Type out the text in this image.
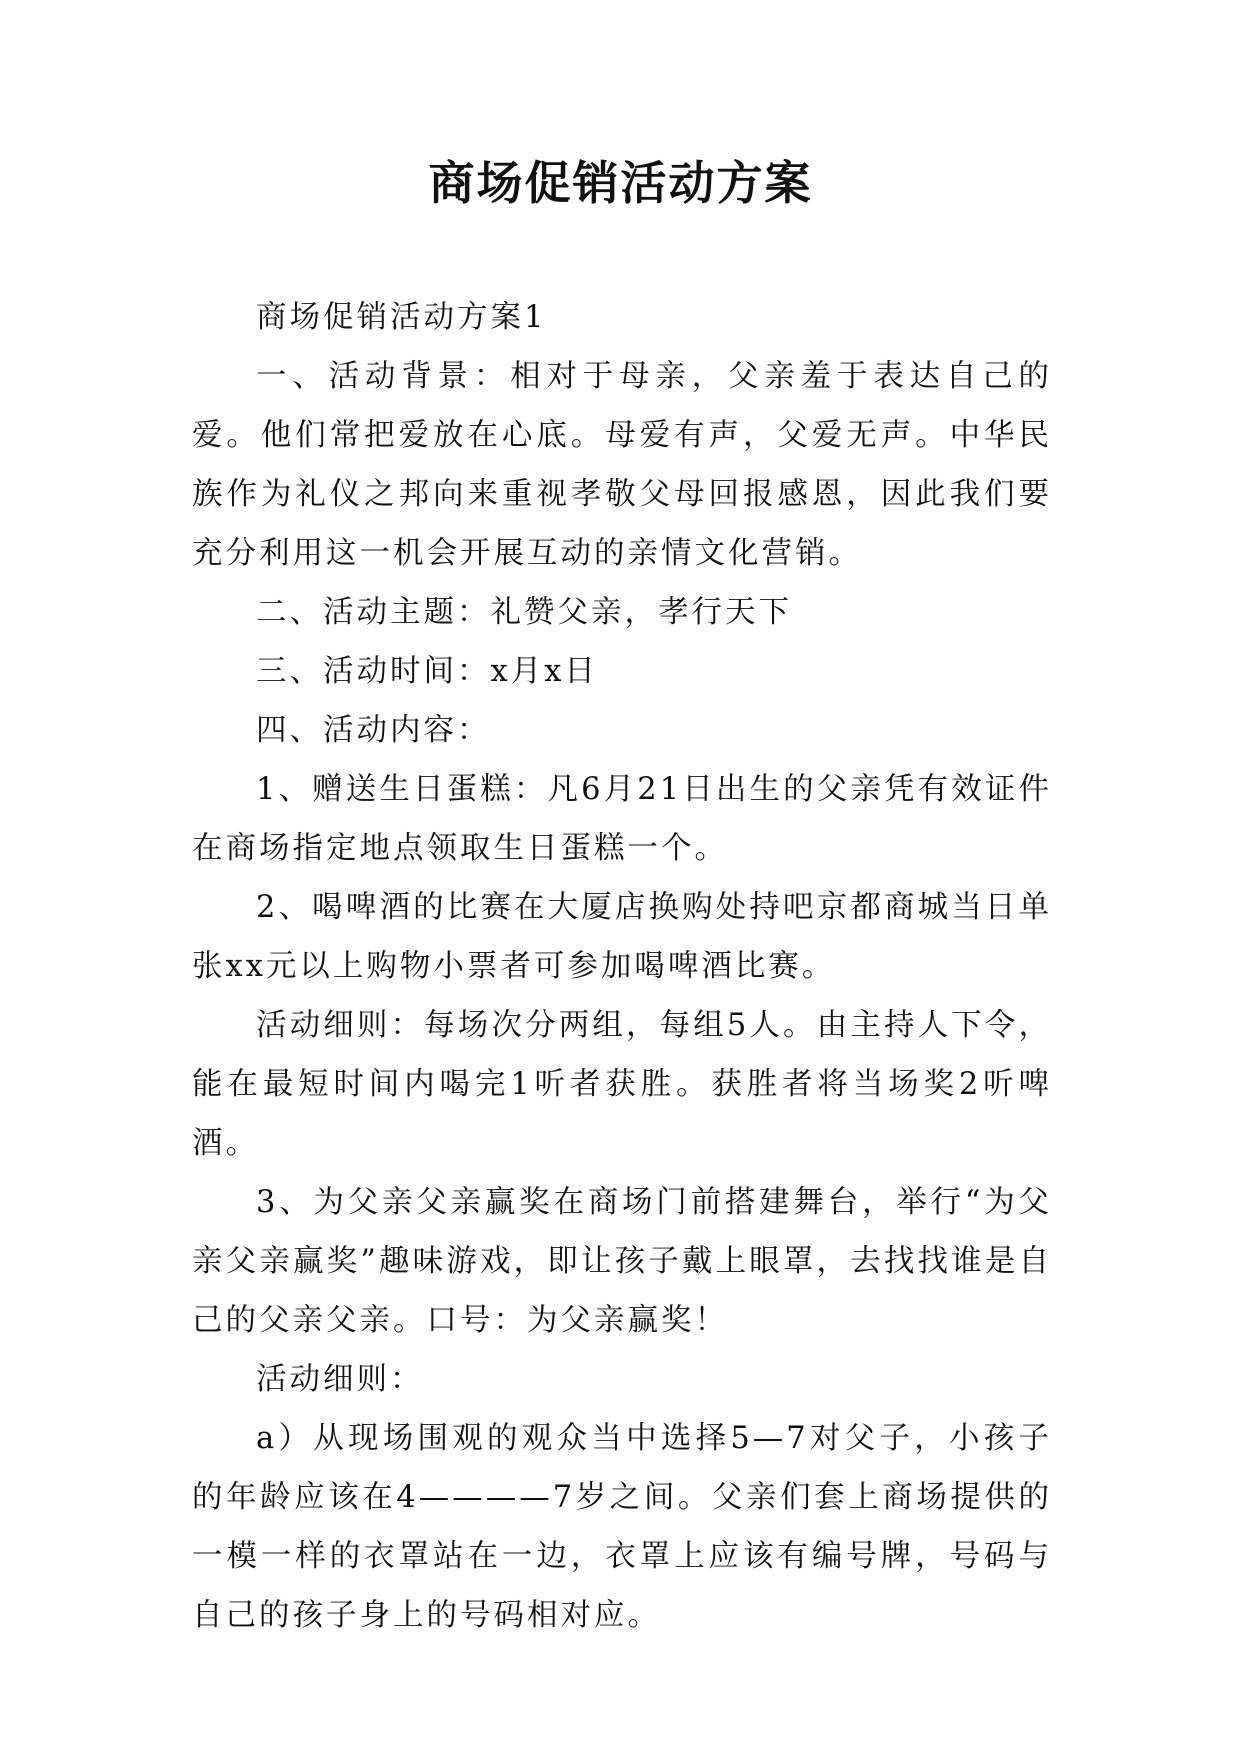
商场促销活动方案

商场促销活动方案1

一、活动背景：相对于母亲，父亲羞于表达自己的爱。他们常把爱放在心底。母爱有声，父爱无声。中华民族作为礼仪之邦向来重视孝敬父母回报感恩，因此我们要充分利用这一机会开展互动的亲情文化营销。

二、活动主题：礼赞父亲，孝行天下

三、活动时间：x月x日

四、活动内容：

1、赠送生日蛋糕：凡6月21日出生的父亲凭有效证件在商场指定地点领取生日蛋糕一个。

2、喝啤酒的比赛在大厦店换购处持吧京都商城当日单张xx元以上购物小票者可参加喝啤酒比赛。

活动细则：每场次分两组，每组5人。由主持人下令，能在最短时间内喝完1听者获胜。获胜者将当场奖2听啤酒。

3、为父亲父亲赢奖在商场门前搭建舞台，举行“为父亲父亲赢奖”趣味游戏，即让孩子戴上眼罩，去找找谁是自己的父亲父亲。口号：为父亲赢奖！

活动细则：

a）从现场围观的观众当中选择5—7对父子，小孩子的年龄应该在4————7岁之间。父亲们套上商场提供的一模一样的衣罩站在一边，衣罩上应该有编号牌，号码与自己的孩子身上的号码相对应。
